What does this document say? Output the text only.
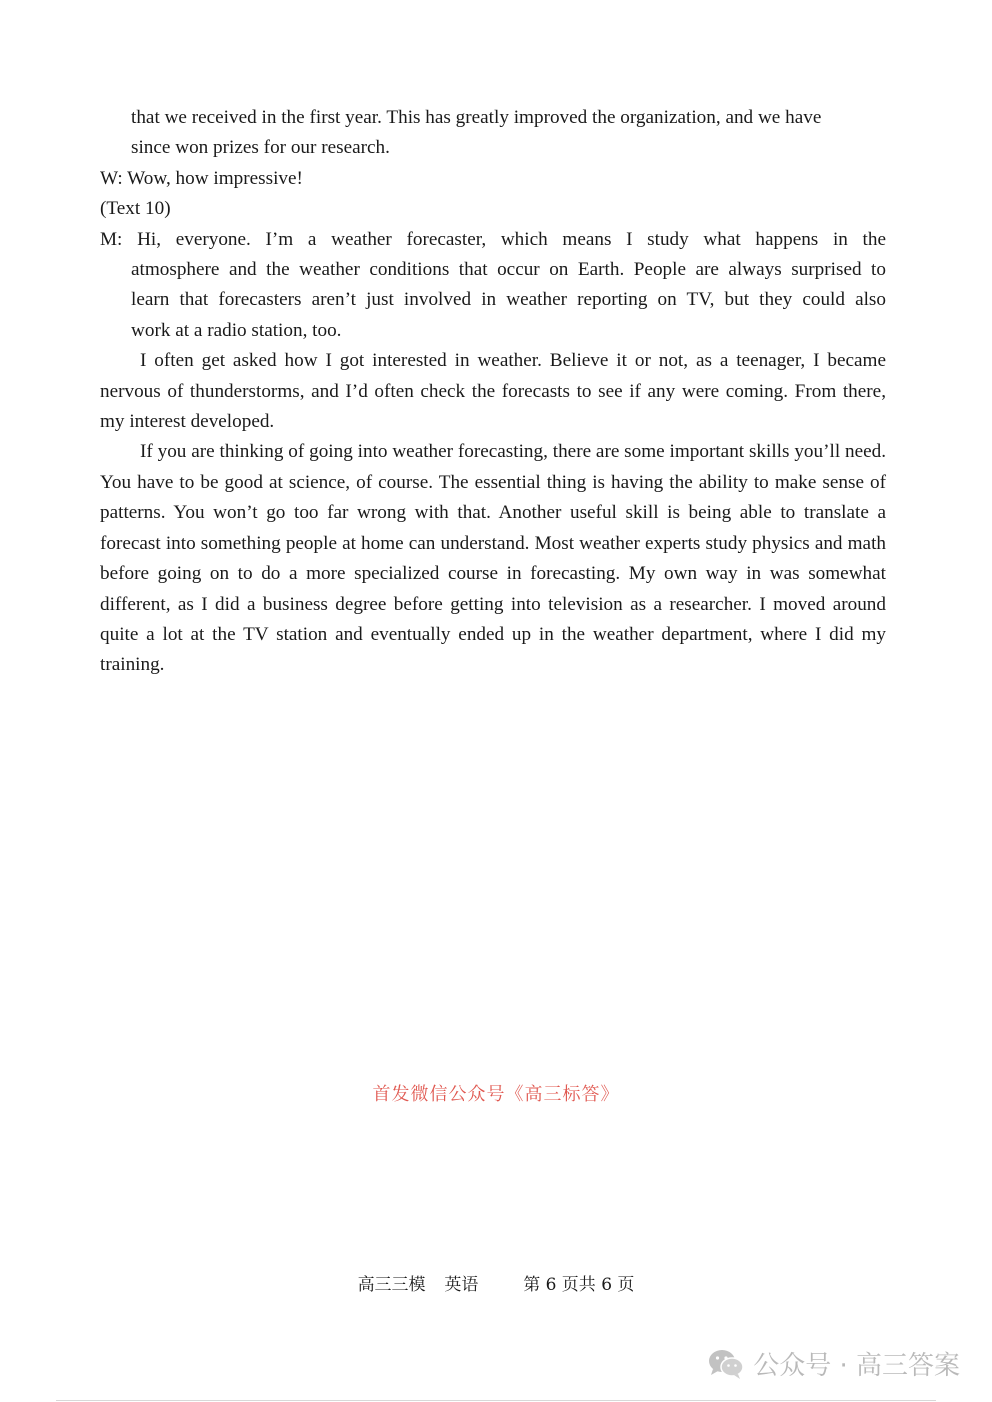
that we received in the first year. This has greatly improved the organization, and we have

since won prizes for our research.

W: Wow, how impressive!

(Text 10)

M: Hi, everyone. I’m a weather forecaster, which means I study what happens in the

atmosphere and the weather conditions that occur on Earth. People are always surprised to

learn that forecasters aren’t just involved in weather reporting on TV, but they could also

work at a radio station, too.

I often get asked how I got interested in weather. Believe it or not, as a teenager, I became nervous of thunderstorms, and I’d often check the forecasts to see if any were coming. From there, my interest developed.

If you are thinking of going into weather forecasting, there are some important skills you’ll need. You have to be good at science, of course. The essential thing is having the ability to make sense of patterns. You won’t go too far wrong with that. Another useful skill is being able to translate a forecast into something people at home can understand. Most weather experts study physics and math before going on to do a more specialized course in forecasting. My own way in was somewhat different, as I did a business degree before getting into television as a researcher. I moved around quite a lot at the TV station and eventually ended up in the weather department, where I did my training.

首发微信公众号《高三标答》
高三三模 英语	第 6 页共 6 页
公众号 · 高三答案
